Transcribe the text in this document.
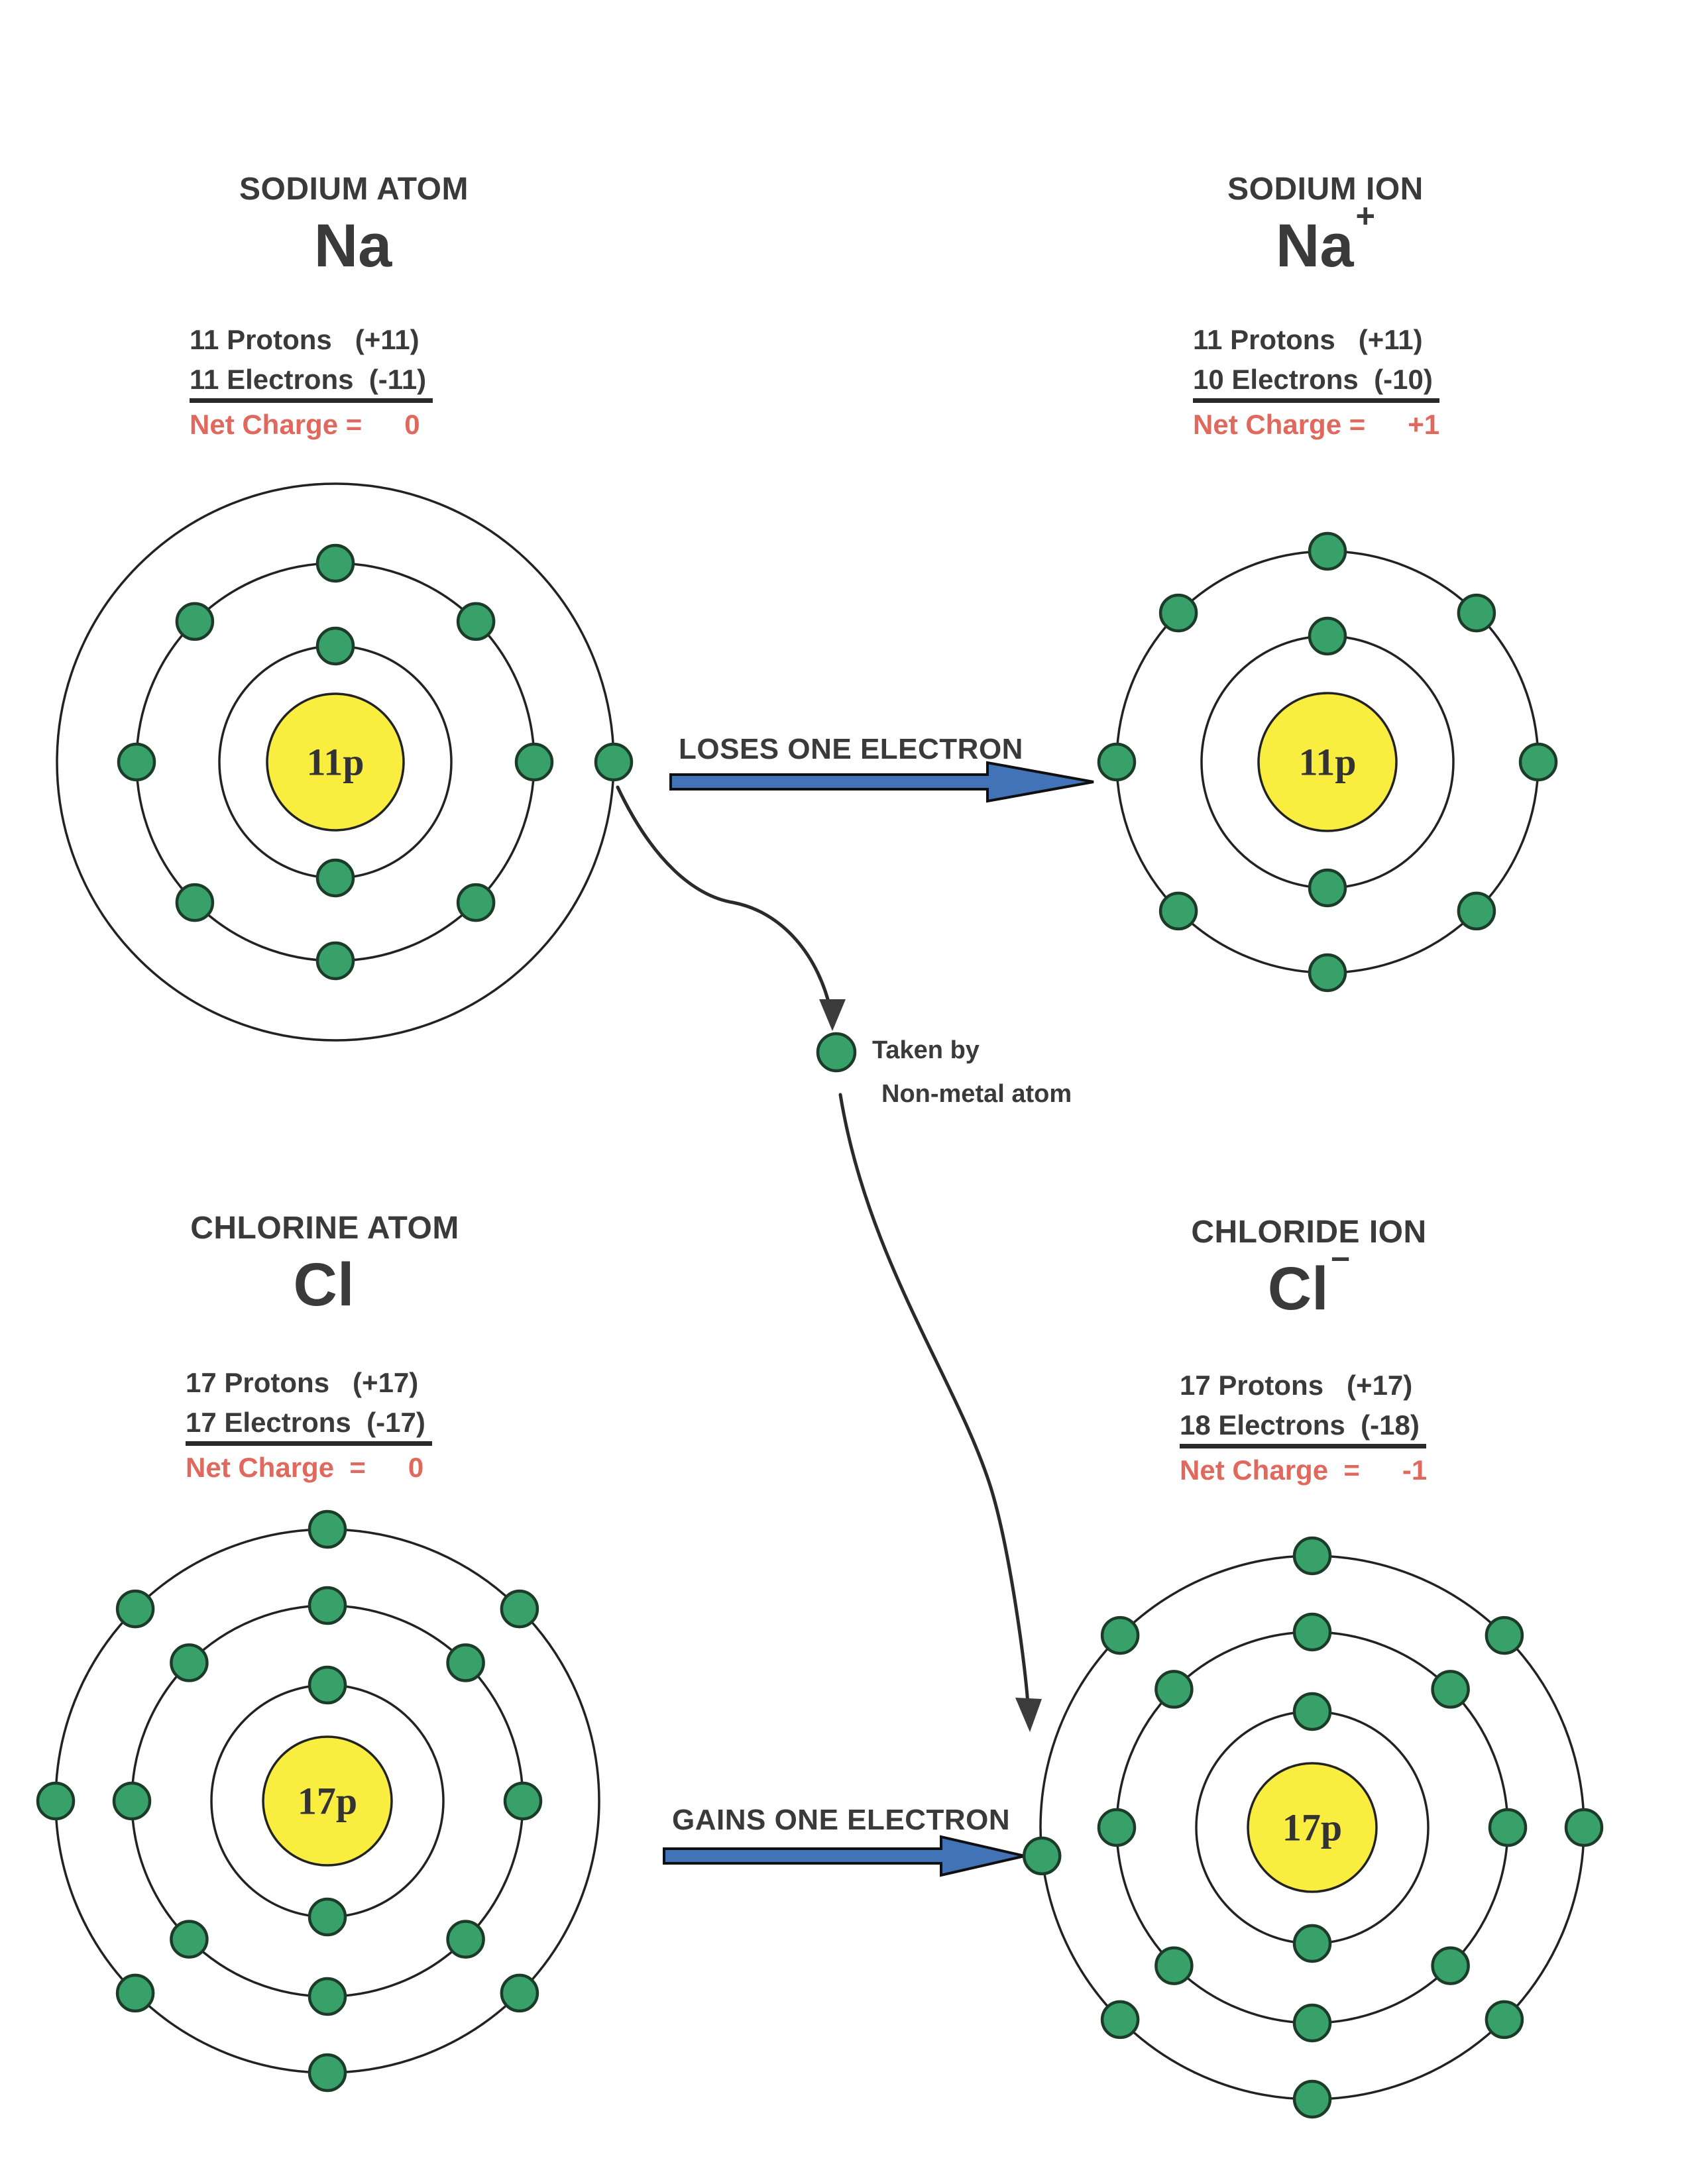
11p	11p
17p
17p
SODIUM ATOM
Na
SODIUM ION
Na+
CHLORINE ATOM
Cl
CHLORIDE ION
Cl−
11 Protons   (+11)
11 Electrons  (-11)
Net Charge = 0
11 Protons   (+11)
10 Electrons  (-10)
Net Charge = +1
17 Protons   (+17)
17 Electrons  (-17)
Net Charge  = 0
17 Protons   (+17)
18 Electrons  (-18)
Net Charge  = -1
LOSES ONE ELECTRON
GAINS ONE ELECTRON
Taken by
Non-metal atom
